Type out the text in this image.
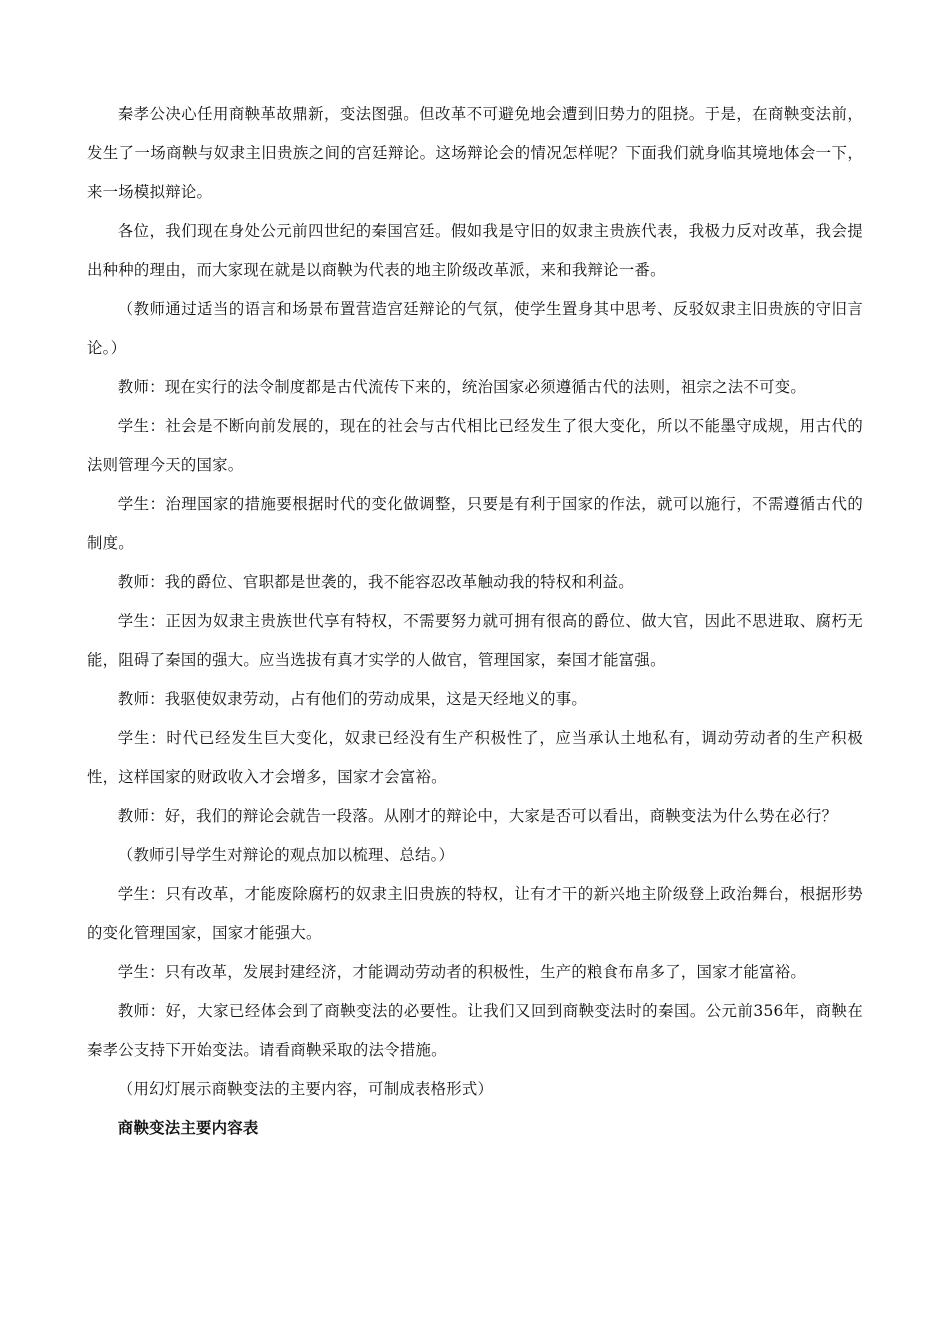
秦孝公决心任用商鞅革故鼎新，变法图强。但改革不可避免地会遭到旧势力的阻挠。于是，在商鞅变法前，发生了一场商鞅与奴隶主旧贵族之间的宫廷辩论。这场辩论会的情况怎样呢？下面我们就身临其境地体会一下，来一场模拟辩论。

各位，我们现在身处公元前四世纪的秦国宫廷。假如我是守旧的奴隶主贵族代表，我极力反对改革，我会提出种种的理由，而大家现在就是以商鞅为代表的地主阶级改革派，来和我辩论一番。

（教师通过适当的语言和场景布置营造宫廷辩论的气氛，使学生置身其中思考、反驳奴隶主旧贵族的守旧言论。）

教师：现在实行的法令制度都是古代流传下来的，统治国家必须遵循古代的法则，祖宗之法不可变。

学生：社会是不断向前发展的，现在的社会与古代相比已经发生了很大变化，所以不能墨守成规，用古代的法则管理今天的国家。

学生：治理国家的措施要根据时代的变化做调整，只要是有利于国家的作法，就可以施行，不需遵循古代的制度。

教师：我的爵位、官职都是世袭的，我不能容忍改革触动我的特权和利益。

学生：正因为奴隶主贵族世代享有特权，不需要努力就可拥有很高的爵位、做大官，因此不思进取、腐朽无能，阻碍了秦国的强大。应当选拔有真才实学的人做官，管理国家，秦国才能富强。

教师：我驱使奴隶劳动，占有他们的劳动成果，这是天经地义的事。

学生：时代已经发生巨大变化，奴隶已经没有生产积极性了，应当承认土地私有，调动劳动者的生产积极性，这样国家的财政收入才会增多，国家才会富裕。

教师：好，我们的辩论会就告一段落。从刚才的辩论中，大家是否可以看出，商鞅变法为什么势在必行？

（教师引导学生对辩论的观点加以梳理、总结。）

学生：只有改革，才能废除腐朽的奴隶主旧贵族的特权，让有才干的新兴地主阶级登上政治舞台，根据形势的变化管理国家，国家才能强大。

学生：只有改革，发展封建经济，才能调动劳动者的积极性，生产的粮食布帛多了，国家才能富裕。

教师：好，大家已经体会到了商鞅变法的必要性。让我们又回到商鞅变法时的秦国。公元前356年，商鞅在秦孝公支持下开始变法。请看商鞅采取的法令措施。

（用幻灯展示商鞅变法的主要内容，可制成表格形式）

商鞅变法主要内容表
